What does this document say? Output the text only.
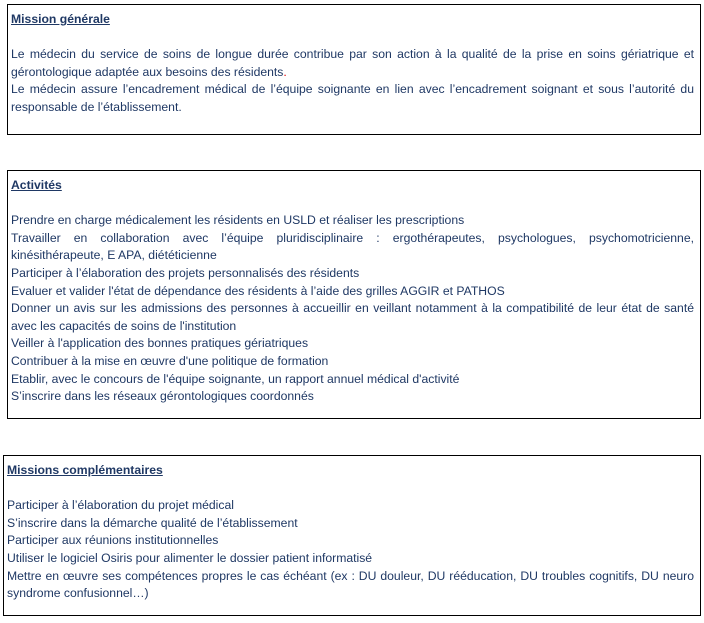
Mission générale
Le médecin du service de soins de longue durée contribue par son action à la qualité de la prise en soins gériatrique et gérontologique adaptée aux besoins des résidents.
Le médecin assure l’encadrement médical de l’équipe soignante en lien avec l’encadrement soignant et sous l’autorité du responsable de l’établissement.
Activités
Prendre en charge médicalement les résidents en USLD et réaliser les prescriptions
Travailler en collaboration avec l’équipe pluridisciplinaire : ergothérapeutes, psychologues, psychomotricienne, kinésithérapeute, E APA, diététicienne
Participer à l’élaboration des projets personnalisés des résidents
Evaluer et valider l'état de dépendance des résidents à l’aide des grilles AGGIR et PATHOS
Donner un avis sur les admissions des personnes à accueillir en veillant notamment à la compatibilité de leur état de santé avec les capacités de soins de l'institution
Veiller à l'application des bonnes pratiques gériatriques
Contribuer à la mise en œuvre d'une politique de formation
Etablir, avec le concours de l'équipe soignante, un rapport annuel médical d'activité
S’inscrire dans les réseaux gérontologiques coordonnés
Missions complémentaires
Participer à l’élaboration du projet médical
S’inscrire dans la démarche qualité de l’établissement
Participer aux réunions institutionnelles
Utiliser le logiciel Osiris pour alimenter le dossier patient informatisé
Mettre en œuvre ses compétences propres le cas échéant (ex : DU douleur, DU rééducation, DU troubles cognitifs, DU neuro syndrome confusionnel…)
